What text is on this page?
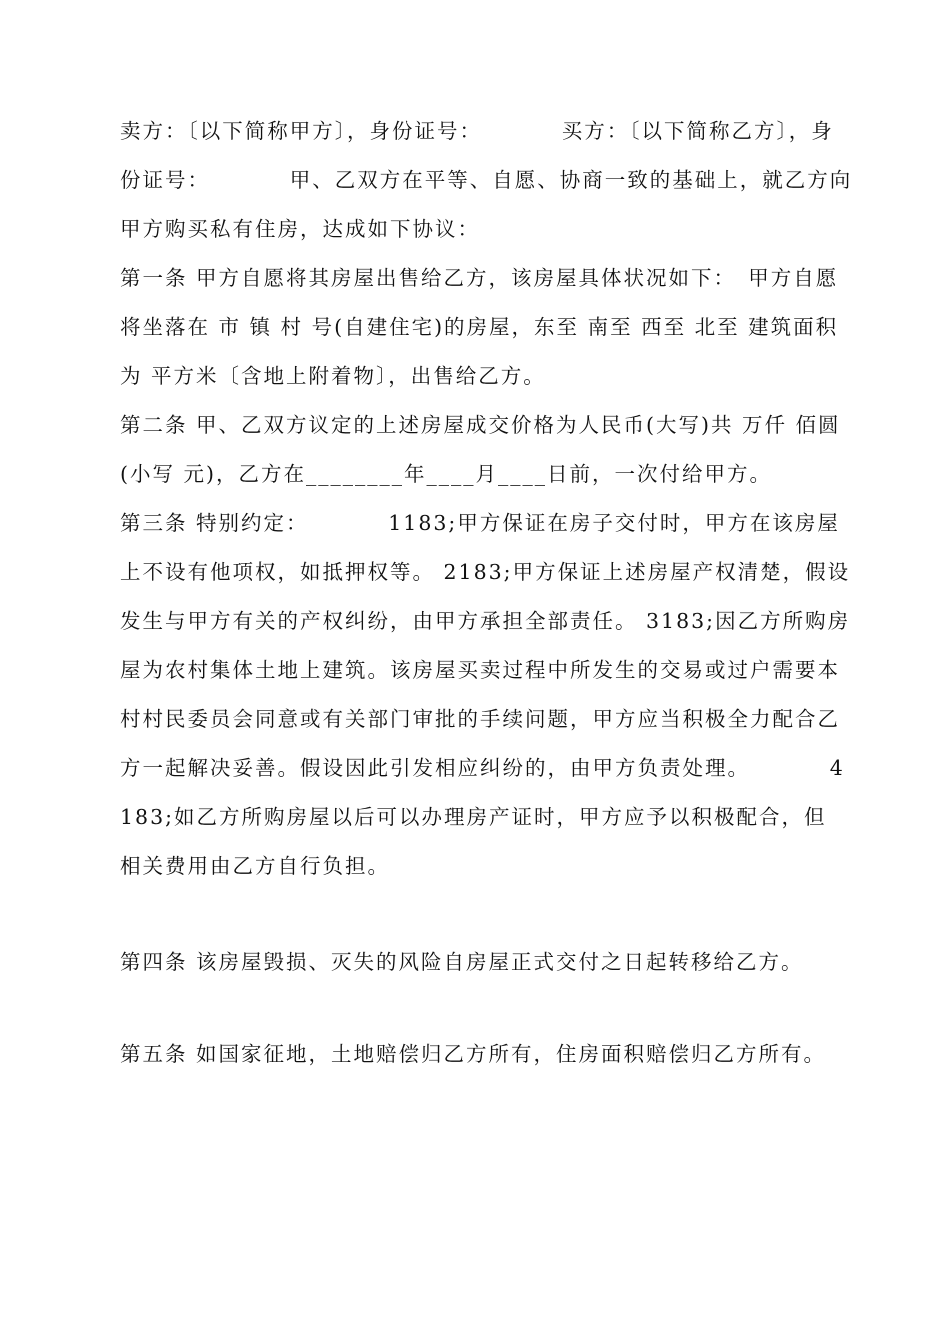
卖方：〔以下简称甲方〕，身份证号：　　　　买方：〔以下简称乙方〕，身份证号：　　　　甲、乙双方在平等、自愿、协商一致的基础上，就乙方向甲方购买私有住房，达成如下协议：

第一条 甲方自愿将其房屋出售给乙方，该房屋具体状况如下：　甲方自愿将坐落在 市 镇 村 号(自建住宅)的房屋，东至 南至 西至 北至 建筑面积为 平方米〔含地上附着物〕，出售给乙方。

第二条 甲、乙双方议定的上述房屋成交价格为人民币(大写)共 万仟 佰圆(小写 元)，乙方在________年____月____日前，一次付给甲方。

第三条 特别约定：　　　　1183;甲方保证在房子交付时，甲方在该房屋上不设有他项权，如抵押权等。 2183;甲方保证上述房屋产权清楚，假设发生与甲方有关的产权纠纷，由甲方承担全部责任。 3183;因乙方所购房屋为农村集体土地上建筑。该房屋买卖过程中所发生的交易或过户需要本村村民委员会同意或有关部门审批的手续问题，甲方应当积极全力配合乙方一起解决妥善。假设因此引发相应纠纷的，由甲方负责处理。　　　　4183;如乙方所购房屋以后可以办理房产证时，甲方应予以积极配合，但 相关费用由乙方自行负担。

第四条 该房屋毁损、灭失的风险自房屋正式交付之日起转移给乙方。

第五条 如国家征地，土地赔偿归乙方所有，住房面积赔偿归乙方所有。
